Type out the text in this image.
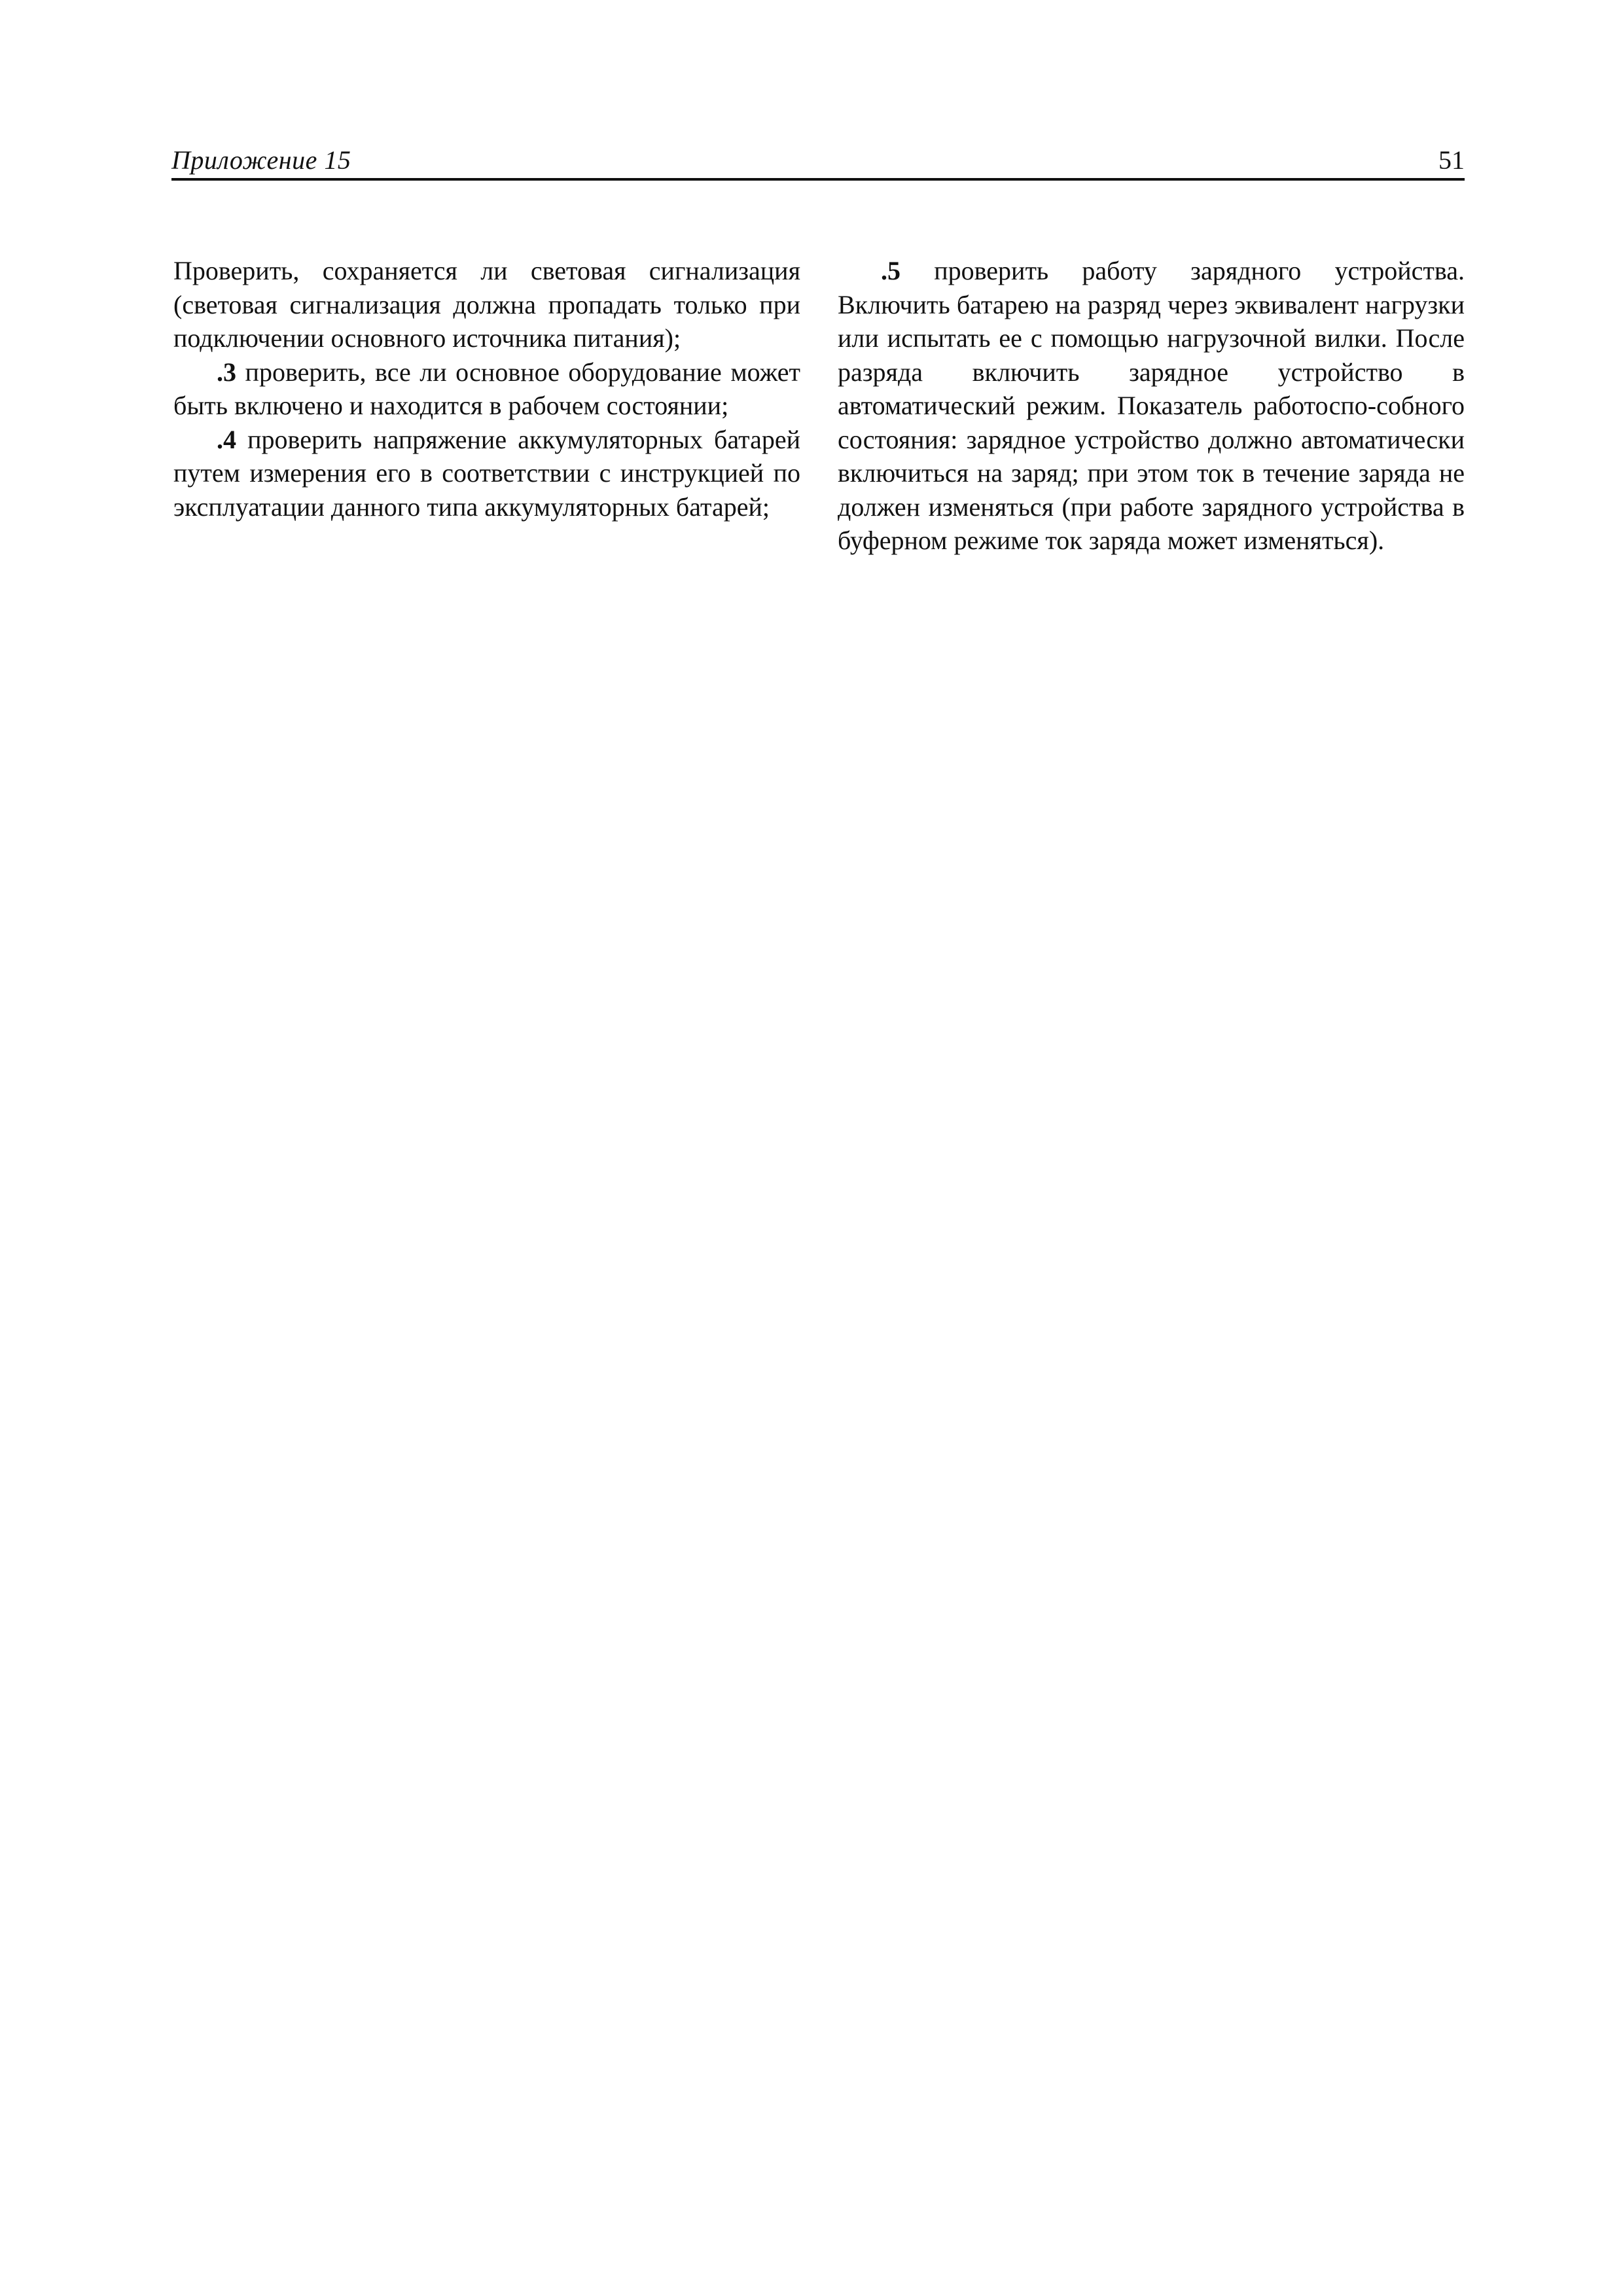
Приложение 15	51

Проверить, сохраняется ли световая сигнализация (световая сигнализация должна пропадать только при подключении основного источника питания);

.3 проверить, все ли основное оборудование может быть включено и находится в рабочем состоянии;

.4 проверить напряжение аккумуляторных батарей путем измерения его в соответствии с инструкцией по эксплуатации данного типа аккумуляторных батарей;

.5 проверить работу зарядного устройства. Включить батарею на разряд через эквивалент нагрузки или испытать ее с помощью нагрузочной вилки. После разряда включить зарядное устройство в автоматический режим. Показатель работоспо-собного состояния: зарядное устройство должно автоматически включиться на заряд; при этом ток в течение заряда не должен изменяться (при работе зарядного устройства в буферном режиме ток заряда может изменяться).
